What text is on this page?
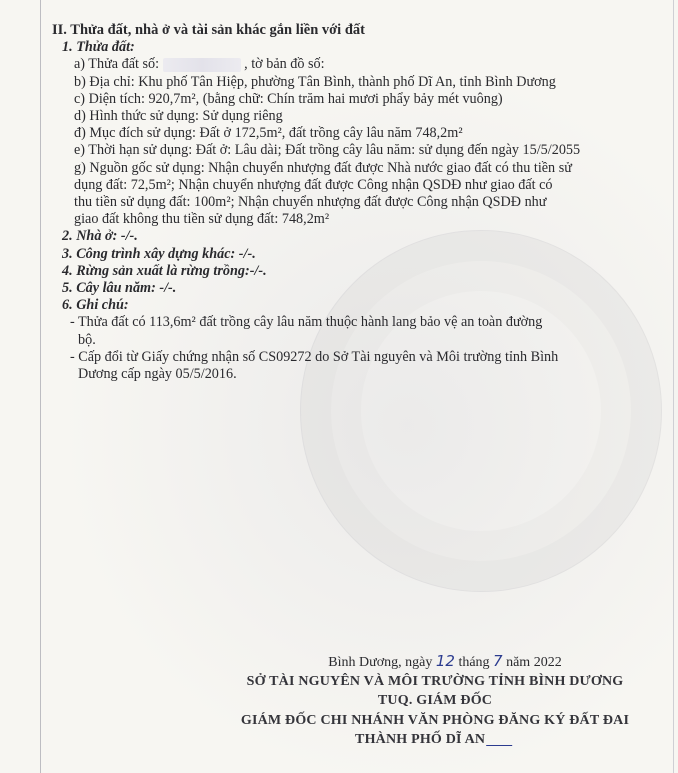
II. Thửa đất, nhà ở và tài sản khác gắn liền với đất
1. Thửa đất:
a) Thửa đất số:	, tờ bản đồ số:
b) Địa chỉ: Khu phố Tân Hiệp, phường Tân Bình, thành phố Dĩ An, tỉnh Bình Dương
c) Diện tích: 920,7m², (bằng chữ: Chín trăm hai mươi phẩy bảy mét vuông)
d) Hình thức sử dụng: Sử dụng riêng
đ) Mục đích sử dụng: Đất ở 172,5m², đất trồng cây lâu năm 748,2m²
e) Thời hạn sử dụng: Đất ở: Lâu dài; Đất trồng cây lâu năm: sử dụng đến ngày 15/5/2055
g) Nguồn gốc sử dụng: Nhận chuyển nhượng đất được Nhà nước giao đất có thu tiền sử
dụng đất: 72,5m²; Nhận chuyển nhượng đất được Công nhận QSDĐ như giao đất có
thu tiền sử dụng đất: 100m²; Nhận chuyển nhượng đất được Công nhận QSDĐ như
giao đất không thu tiền sử dụng đất: 748,2m²
2. Nhà ở: -/-.
3. Công trình xây dựng khác: -/-.
4. Rừng sản xuất là rừng trồng:-/-.
5. Cây lâu năm: -/-.
6. Ghi chú:
- Thửa đất có 113,6m² đất trồng cây lâu năm thuộc hành lang bảo vệ an toàn đường
bộ.
- Cấp đổi từ Giấy chứng nhận số CS09272 do Sở Tài nguyên và Môi trường tỉnh Bình
Dương cấp ngày 05/5/2016.
Bình Dương, ngày 12 tháng 7 năm 2022
SỞ TÀI NGUYÊN VÀ MÔI TRƯỜNG TỈNH BÌNH DƯƠNG
TUQ. GIÁM ĐỐC
GIÁM ĐỐC CHI NHÁNH VĂN PHÒNG ĐĂNG KÝ ĐẤT ĐAI
THÀNH PHỐ DĨ AN
